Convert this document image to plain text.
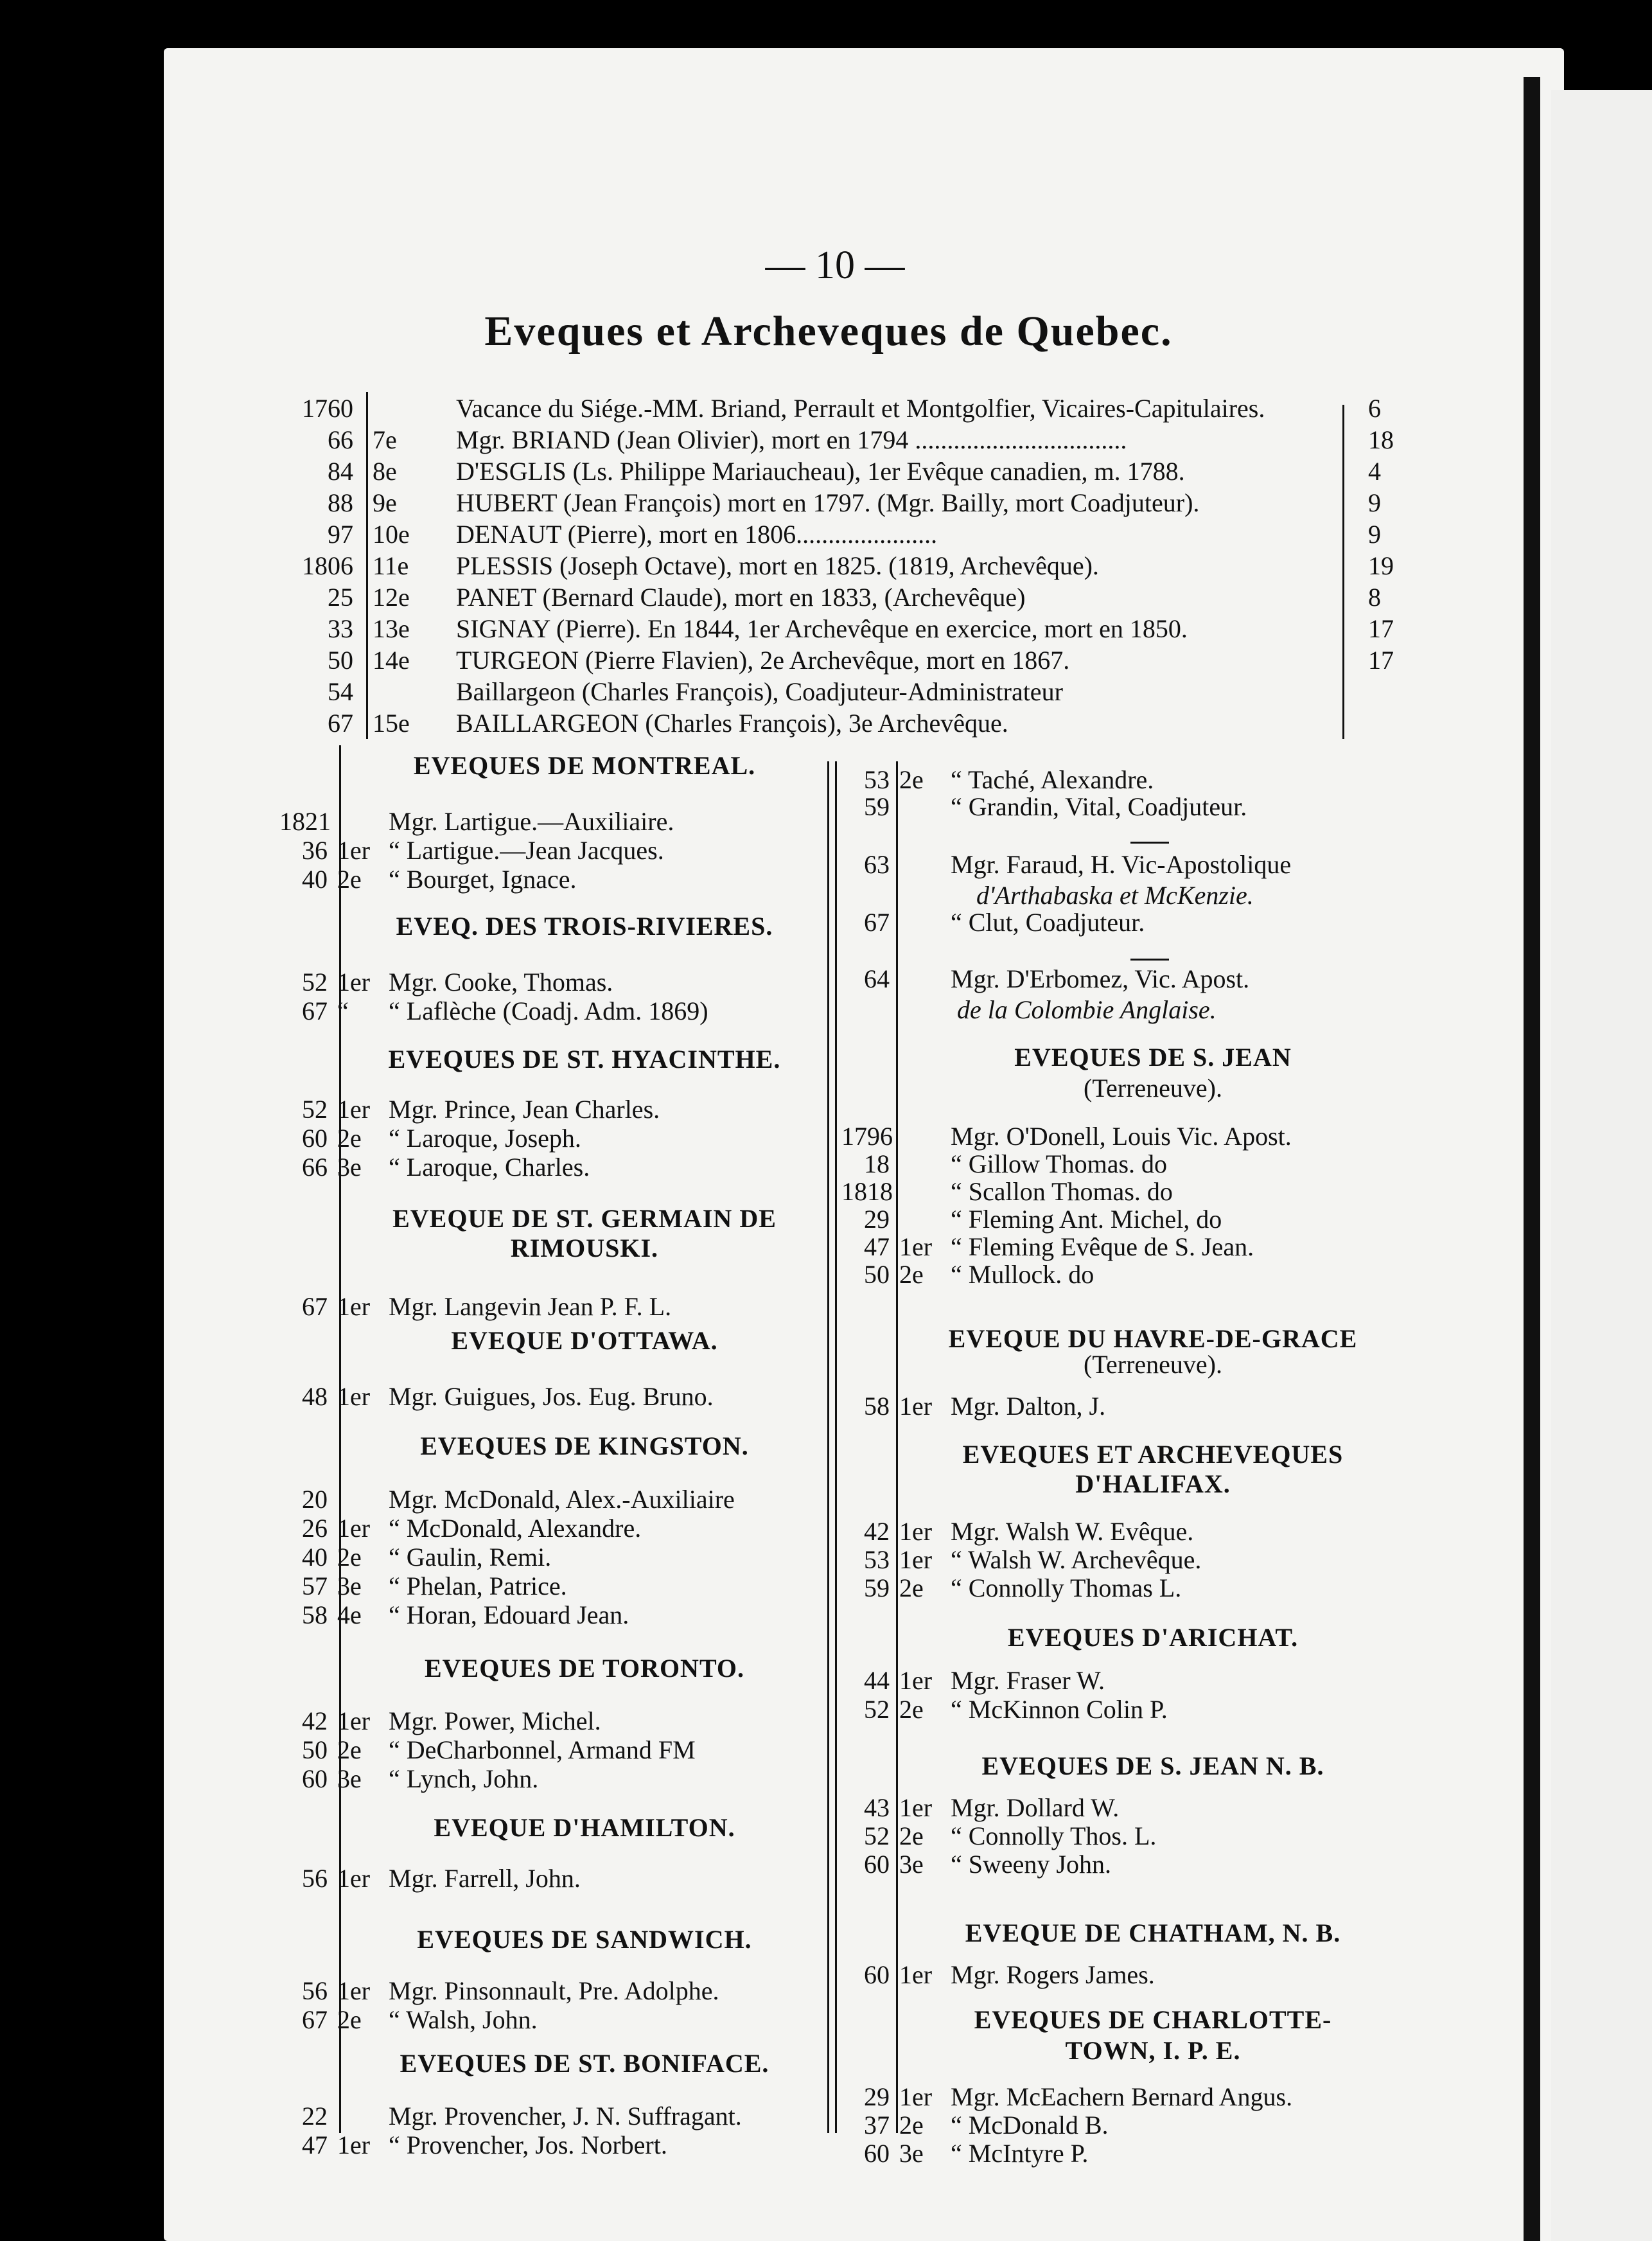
— 10 —
Eveques et Archeveques de Quebec.
1760	Vacance du Siége.-MM. Briand, Perrault et Montgolfier, Vicaires-Capitulaires.	6
66 7e	Mgr. BRIAND (Jean Olivier), mort en 1794 .................................	18
84 8e	D'ESGLIS (Ls. Philippe Mariaucheau), 1er Evêque canadien, m. 1788.	4
88 9e	HUBERT (Jean François) mort en 1797. (Mgr. Bailly, mort Coadjuteur).	9
97 10e	DENAUT (Pierre), mort en 1806......................	9
1806 11e	PLESSIS (Joseph Octave), mort en 1825. (1819, Archevêque).	19
25 12e	PANET (Bernard Claude), mort en 1833, (Archevêque)	8
33 13e	SIGNAY (Pierre). En 1844, 1er Archevêque en exercice, mort en 1850.	17
50 14e	TURGEON (Pierre Flavien), 2e Archevêque, mort en 1867.	17
54	Baillargeon (Charles François), Coadjuteur-Administrateur
67 15e	BAILLARGEON (Charles François), 3e Archevêque.
EVEQUES DE MONTREAL.
1821 Mgr. Lartigue.—Auxiliaire.
36 1er “ Lartigue.—Jean Jacques.
40 2e	“ Bourget, Ignace.
EVEQ. DES TROIS-RIVIERES.
52 1er Mgr. Cooke, Thomas.
67 “	“ Laflèche (Coadj. Adm. 1869)
EVEQUES DE ST. HYACINTHE.
52 1er Mgr. Prince, Jean Charles.
60 2e	“ Laroque, Joseph.
66 3e	“ Laroque, Charles.
EVEQUE DE ST. GERMAIN DE
RIMOUSKI.
67 1er Mgr. Langevin Jean P. F. L.
EVEQUE D'OTTAWA.
48 1er Mgr. Guigues, Jos. Eug. Bruno.
EVEQUES DE KINGSTON.
20 Mgr. McDonald, Alex.-Auxiliaire
26 1er “ McDonald, Alexandre.
40 2e	“ Gaulin, Remi.
57 3e	“ Phelan, Patrice.
58 4e	“ Horan, Edouard Jean.
EVEQUES DE TORONTO.
42 1er Mgr. Power, Michel.
50 2e	“ DeCharbonnel, Armand FM
60 3e	“ Lynch, John.
EVEQUE D'HAMILTON.
56 1er Mgr. Farrell, John.
EVEQUES DE SANDWICH.
56 1er Mgr. Pinsonnault, Pre. Adolphe.
67 2e	“ Walsh, John.
EVEQUES DE ST. BONIFACE.
22 Mgr. Provencher, J. N. Suffragant.
47 1er “ Provencher, Jos. Norbert.
53 2e	“ Taché, Alexandre.
59 “ Grandin, Vital, Coadjuteur.
63 Mgr. Faraud, H. Vic-Apostolique
d'Arthabaska et McKenzie.
67 “ Clut, Coadjuteur.
64 Mgr. D'Erbomez, Vic. Apost.
de la Colombie Anglaise.
EVEQUES DE S. JEAN
(Terreneuve).
1796 Mgr. O'Donell, Louis Vic. Apost.
18 “ Gillow Thomas. do
1818 “ Scallon Thomas. do
29 “ Fleming Ant. Michel, do
47 1er “ Fleming Evêque de S. Jean.
50 2e	“ Mullock. do
EVEQUE DU HAVRE-DE-GRACE
(Terreneuve).
58 1er Mgr. Dalton, J.
EVEQUES ET ARCHEVEQUES
D'HALIFAX.
42 1er Mgr. Walsh W. Evêque.
53 1er “ Walsh W. Archevêque.
59 2e	“ Connolly Thomas L.
EVEQUES D'ARICHAT.
44 1er Mgr. Fraser W.
52 2e	“ McKinnon Colin P.
EVEQUES DE S. JEAN N. B.
43 1er Mgr. Dollard W.
52 2e	“ Connolly Thos. L.
60 3e	“ Sweeny John.
EVEQUE DE CHATHAM, N. B.
60 1er Mgr. Rogers James.
EVEQUES DE CHARLOTTE-
TOWN, I. P. E.
29 1er Mgr. McEachern Bernard Angus.
37 2e	“ McDonald B.
60 3e	“ McIntyre P.
